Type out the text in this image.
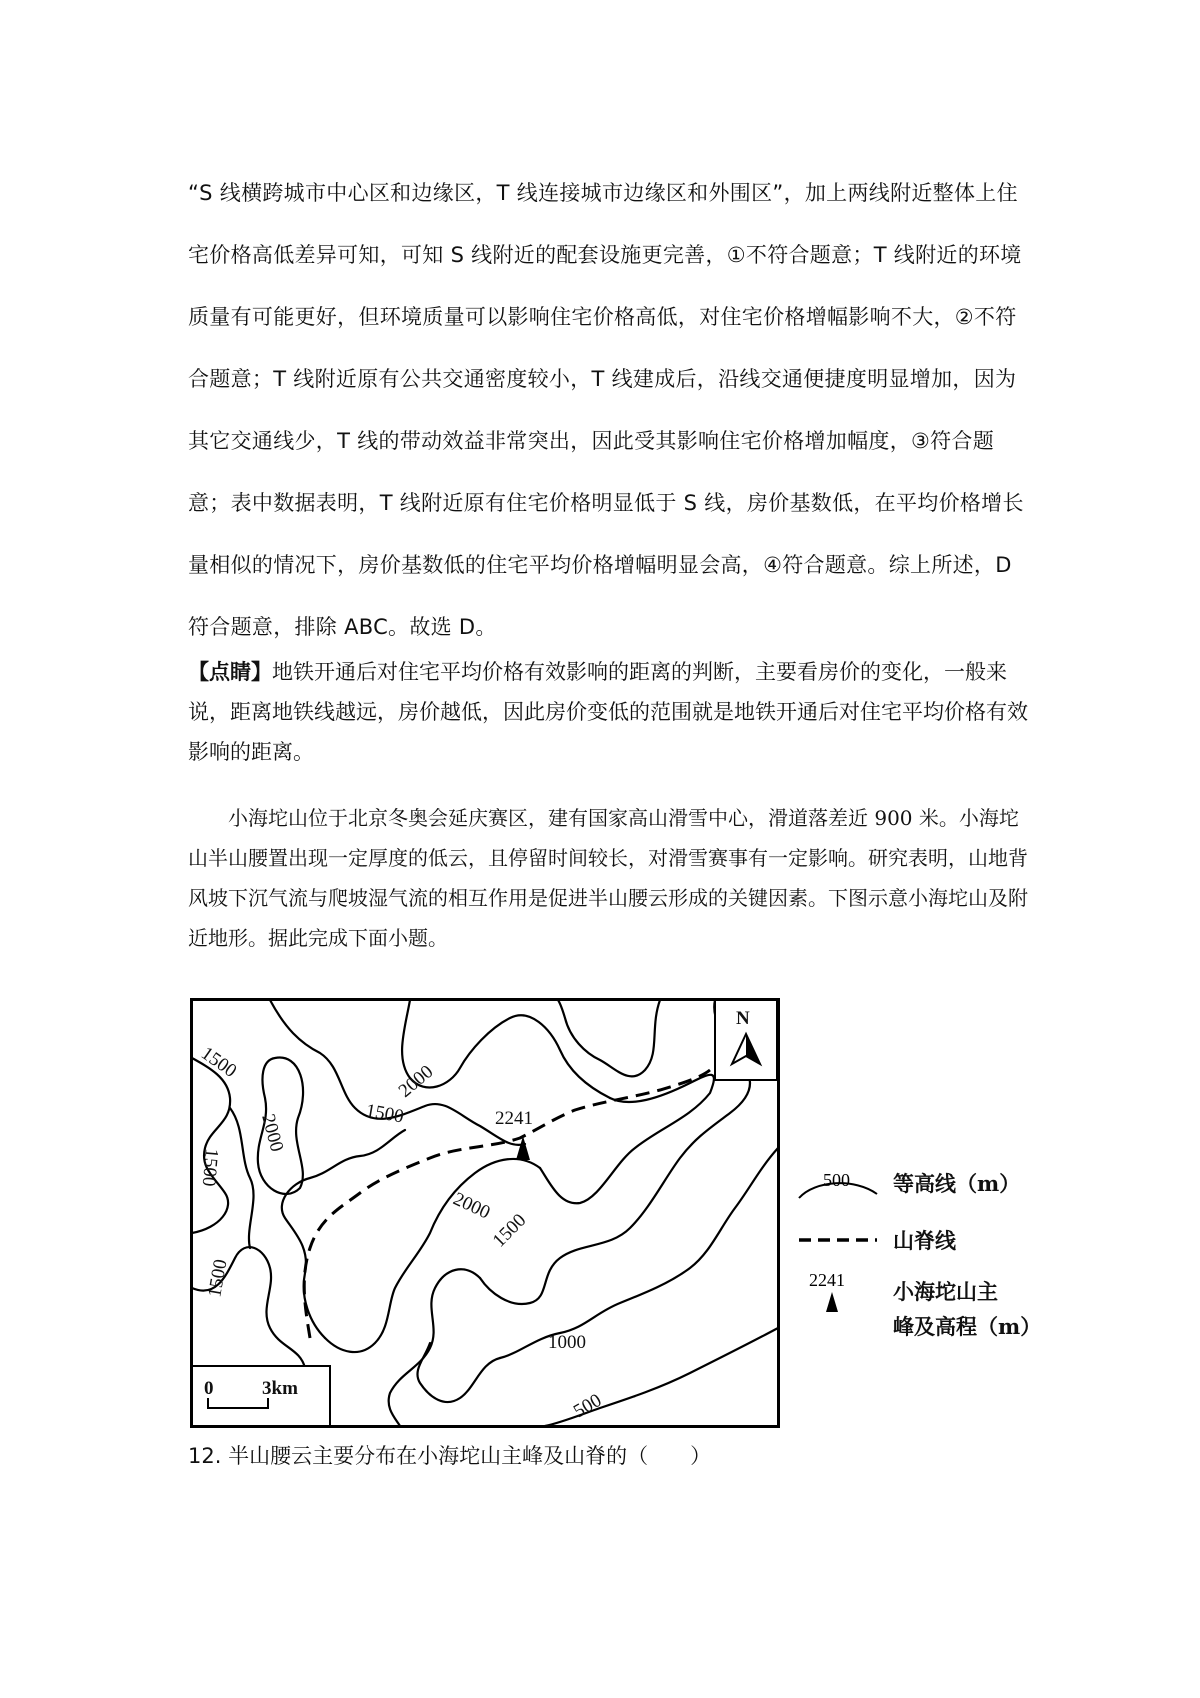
“S 线横跨城市中心区和边缘区，T 线连接城市边缘区和外围区”，加上两线附近整体上住宅价格高低差异可知，可知 S 线附近的配套设施更完善，①不符合题意；T 线附近的环境质量有可能更好，但环境质量可以影响住宅价格高低，对住宅价格增幅影响不大，②不符合题意；T 线附近原有公共交通密度较小，T 线建成后，沿线交通便捷度明显增加，因为其它交通线少，T 线的带动效益非常突出，因此受其影响住宅价格增加幅度，③符合题意；表中数据表明，T 线附近原有住宅价格明显低于 S 线，房价基数低，在平均价格增长量相似的情况下，房价基数低的住宅平均价格增幅明显会高，④符合题意。综上所述，D 符合题意，排除 ABC。故选 D。

【点睛】地铁开通后对住宅平均价格有效影响的距离的判断，主要看房价的变化，一般来说，距离地铁线越远，房价越低，因此房价变低的范围就是地铁开通后对住宅平均价格有效影响的距离。

小海坨山位于北京冬奥会延庆赛区，建有国家高山滑雪中心，滑道落差近 900 米。小海坨山半山腰置出现一定厚度的低云，且停留时间较长，对滑雪赛事有一定影响。研究表明，山地背风坡下沉气流与爬坡湿气流的相互作用是促进半山腰云形成的关键因素。下图示意小海坨山及附近地形。据此完成下面小题。

2241
1500
2000
1500
1500
2000
2000
1500
1500
1000
500
N
0	3km
500
2241
等高线（m）
山脊线
小海坨山主
峰及高程（m）

12. 半山腰云主要分布在小海坨山主峰及山脊的（　　）
